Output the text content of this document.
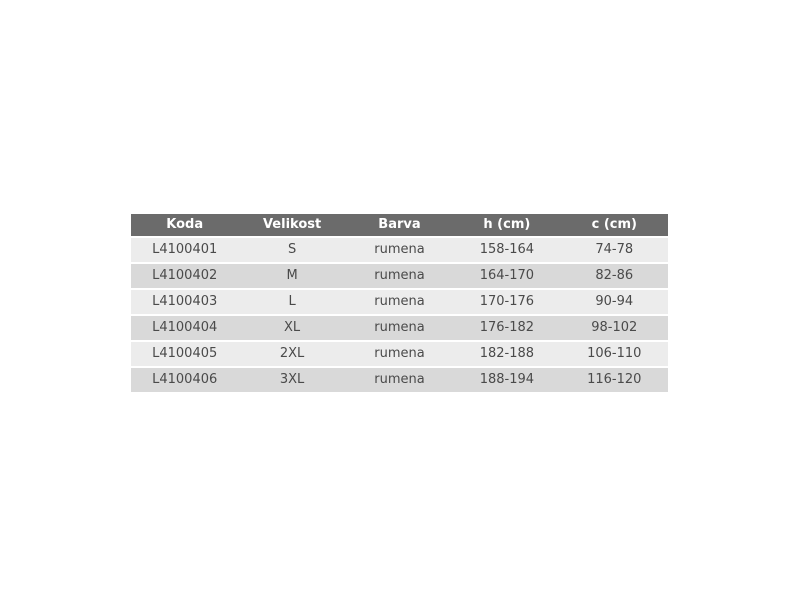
Koda	Velikost	Barva	h (cm)	c (cm)
L4100401	S	rumena	158-164	74-78
L4100402	M	rumena	164-170	82-86
L4100403	L	rumena	170-176	90-94
L4100404	XL	rumena	176-182	98-102
L4100405	2XL	rumena	182-188	106-110
L4100406	3XL	rumena	188-194	116-120
